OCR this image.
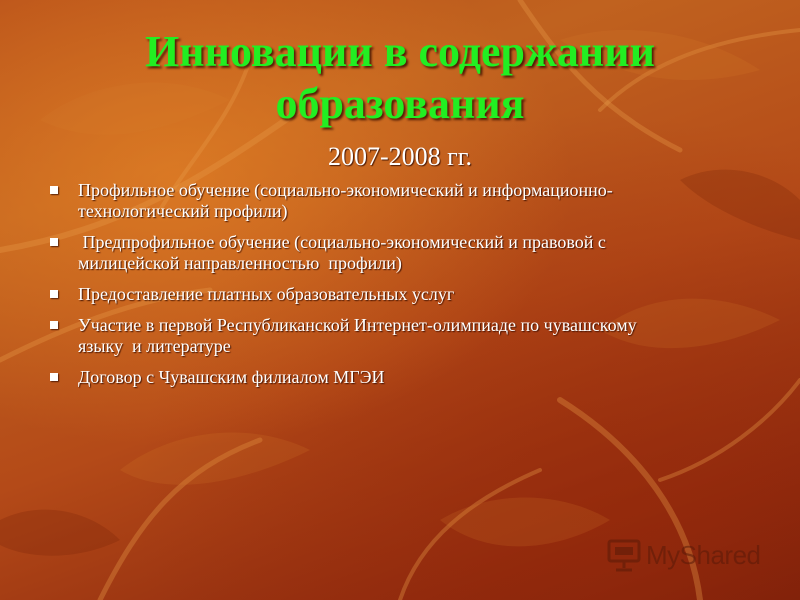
Инновации в содержании
образования
2007-2008 гг.
Профильное обучение (социально-экономический и информационно-
технологический профили)
Предпрофильное обучение (социально-экономический и правовой с
милицейской направленностью  профили)
Предоставление платных образовательных услуг
Участие в первой Республиканской Интернет-олимпиаде по чувашскому
языку  и литературе
Договор с Чувашским филиалом МГЭИ
MyShared
